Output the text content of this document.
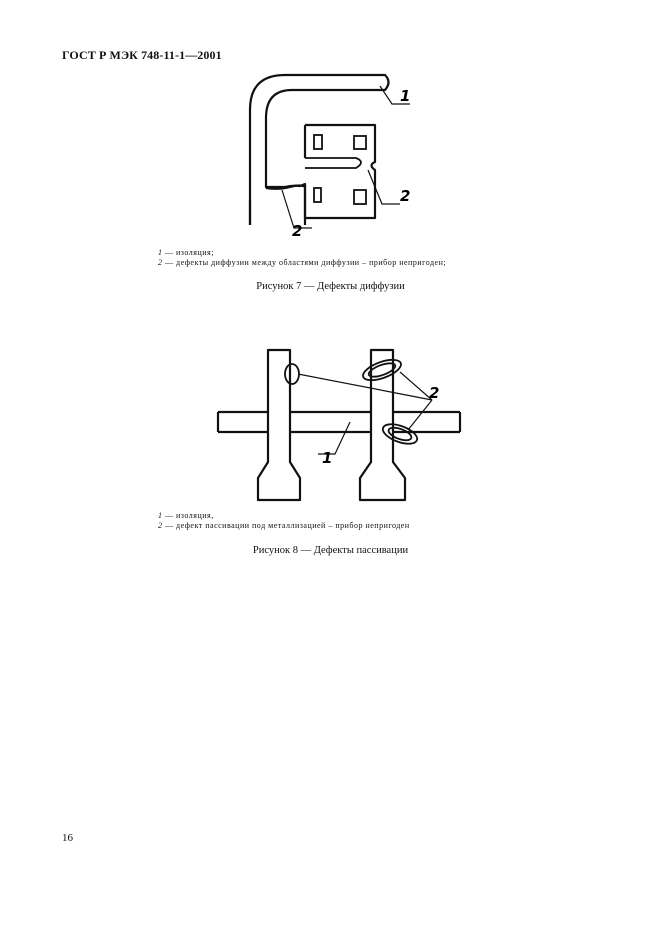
ГОСТ Р МЭК 748-11-1—2001
1
2
2
1 — изоляция;
2 — дефекты диффузии между областями диффузии – прибор непригоден;
Рисунок 7 — Дефекты диффузии
2
1
1 — изоляция,
2 — дефект пассивации под металлизацией – прибор непригоден
Рисунок 8 — Дефекты пассивации
16
